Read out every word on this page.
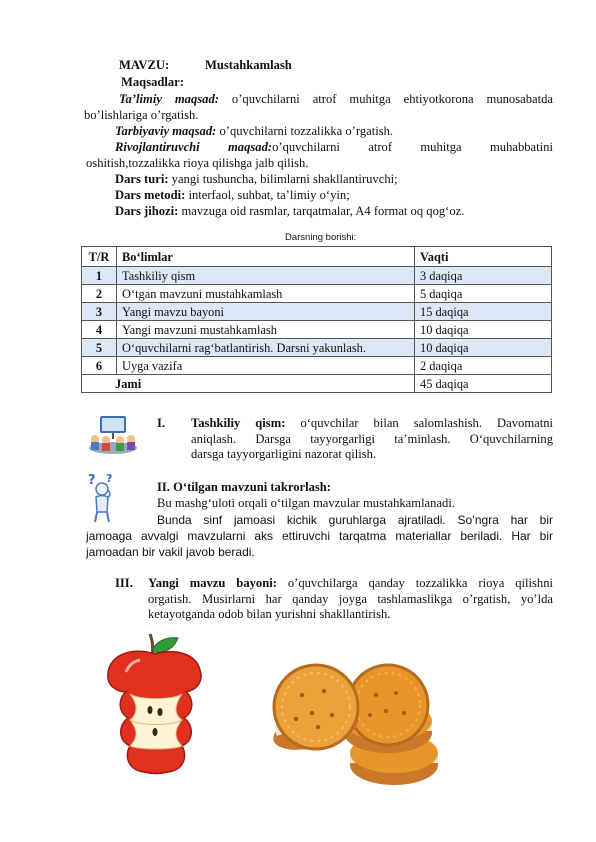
MAVZU:	Mustahkamlash
Maqsadlar:
Ta’limiy maqsad: o’quvchilarni atrof muhitga ehtiyotkorona munosabatda
bo’lishlariga o’rgatish.
Tarbiyaviy maqsad: o’quvchilarni tozzalikka o’rgatish.
Rivojlantiruvchi maqsad:o’quvchilarni atrof muhitga muhabbatini
oshitish,tozzalikka rioya qilishga jalb qilish.
Dars turi: yangi tushuncha, bilimlarni shakllantiruvchi;
Dars metodi: interfaol, suhbat, ta’limiy o‘yin;
Dars jihozi: mavzuga oid rasmlar, tarqatmalar, A4 format oq qog‘oz.
Darsning borishi:
T/R	Bo‘limlar	Vaqti
1	Tashkiliy qism	3 daqiqa
2	O‘tgan mavzuni mustahkamlash	5 daqiqa
3	Yangi mavzu bayoni	15 daqiqa
4	Yangi mavzuni mustahkamlash	10 daqiqa
5	O‘quvchilarni rag‘batlantirish. Darsni yakunlash.	10 daqiqa
6	Uyga vazifa	2 daqiqa
Jami		45 daqiqa
I. Tashkiliy qism: o‘quvchilar bilan salomlashish. Davomatni
aniqlash. Darsga tayyorgarligi ta’minlash. O‘quvchilarning
darsga tayyorgarligini nazorat qilish.
? ?
II. O‘tilgan mavzuni takrorlash:
Bu mashg‘uloti orqali o‘tilgan mavzular mustahkamlanadi.
Bunda sinf jamoasi kichik guruhlarga ajratiladi. So’ngra har bir
jamoaga avvalgi mavzularni aks ettiruvchi tarqatma materiallar beriladi. Har bir
jamoadan bir vakil javob beradi.
III. Yangi mavzu bayoni: o’quvchilarga qanday tozzalikka rioya qilishni
orgatish. Musirlarni har qanday joyga tashlamaslikga o’rgatish, yo’lda
ketayotganda odob bilan yurishni shakllantirish.
